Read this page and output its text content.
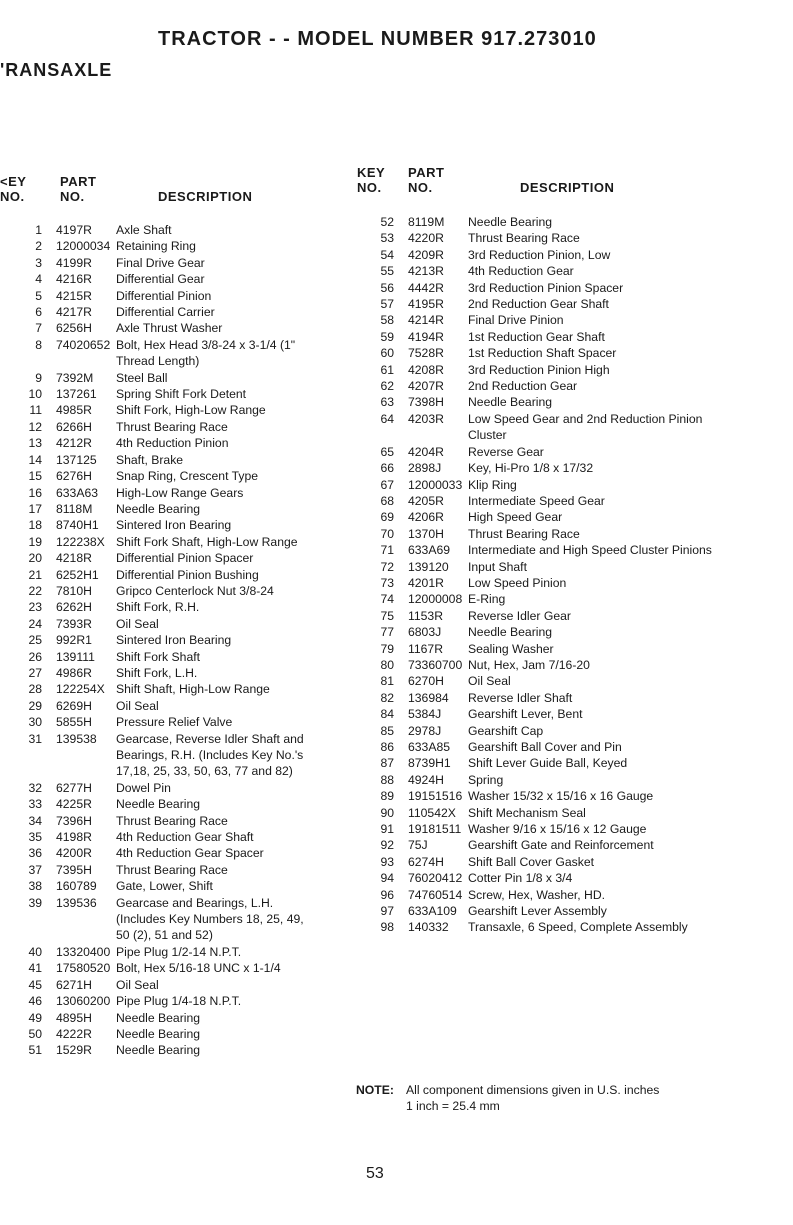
TRACTOR - - MODEL NUMBER 917.273010
'RANSAXLE
<EY
NO.
PART
NO.	DESCRIPTION
KEY
NO.
PART
NO.	DESCRIPTION
1	4197R	Axle Shaft
2	12000034 Retaining Ring
3	4199R	Final Drive Gear
4	4216R	Differential Gear
5	4215R	Differential Pinion
6	4217R	Differential Carrier
7	6256H	Axle Thrust Washer
8	74020652 Bolt, Hex Head 3/8-24 x 3-1/4 (1" Thread Length)
9	7392M	Steel Ball
10	137261	Spring Shift Fork Detent
11	4985R	Shift Fork, High-Low Range
12	6266H	Thrust Bearing Race
13	4212R	4th Reduction Pinion
14	137125	Shaft, Brake
15	6276H	Snap Ring, Crescent Type
16	633A63	High-Low Range Gears
17	8118M	Needle Bearing
18	8740H1	Sintered Iron Bearing
19	122238X Shift Fork Shaft, High-Low Range
20	4218R	Differential Pinion Spacer
21	6252H1	Differential Pinion Bushing
22	7810H	Gripco Centerlock Nut 3/8-24
23	6262H	Shift Fork, R.H.
24	7393R	Oil Seal
25	992R1	Sintered Iron Bearing
26	139111	Shift Fork Shaft
27	4986R	Shift Fork, L.H.
28	122254X Shift Shaft, High-Low Range
29	6269H	Oil Seal
30	5855H	Pressure Relief Valve
31	139538	Gearcase, Reverse Idler Shaft and Bearings, R.H. (Includes Key No.'s 17,18, 25, 33, 50, 63, 77 and 82)
32	6277H	Dowel Pin
33	4225R	Needle Bearing
34	7396H	Thrust Bearing Race
35	4198R	4th Reduction Gear Shaft
36	4200R	4th Reduction Gear Spacer
37	7395H	Thrust Bearing Race
38	160789	Gate, Lower, Shift
39	139536	Gearcase and Bearings, L.H. (Includes Key Numbers 18, 25, 49, 50 (2), 51 and 52)
40	13320400 Pipe Plug 1/2-14 N.P.T.
41	17580520 Bolt, Hex 5/16-18 UNC x 1-1/4
45	6271H	Oil Seal
46	13060200 Pipe Plug 1/4-18 N.P.T.
49	4895H	Needle Bearing
50	4222R	Needle Bearing
51	1529R	Needle Bearing
52	8119M	Needle Bearing
53	4220R	Thrust Bearing Race
54	4209R	3rd Reduction Pinion, Low
55	4213R	4th Reduction Gear
56	4442R	3rd Reduction Pinion Spacer
57	4195R	2nd Reduction Gear Shaft
58	4214R	Final Drive Pinion
59	4194R	1st Reduction Gear Shaft
60	7528R	1st Reduction Shaft Spacer
61	4208R	3rd Reduction Pinion High
62	4207R	2nd Reduction Gear
63	7398H	Needle Bearing
64	4203R	Low Speed Gear and 2nd Reduction Pinion Cluster
65	4204R	Reverse Gear
66	2898J	Key, Hi-Pro 1/8 x 17/32
67	12000033 Klip Ring
68	4205R	Intermediate Speed Gear
69	4206R	High Speed Gear
70	1370H	Thrust Bearing Race
71	633A69	Intermediate and High Speed Cluster Pinions
72	139120	Input Shaft
73	4201R	Low Speed Pinion
74	12000008 E-Ring
75	1153R	Reverse Idler Gear
77	6803J	Needle Bearing
79	1167R	Sealing Washer
80	73360700 Nut, Hex, Jam 7/16-20
81	6270H	Oil Seal
82	136984	Reverse Idler Shaft
84	5384J	Gearshift Lever, Bent
85	2978J	Gearshift Cap
86	633A85	Gearshift Ball Cover and Pin
87	8739H1	Shift Lever Guide Ball, Keyed
88	4924H	Spring
89	19151516 Washer 15/32 x 15/16 x 16 Gauge
90	110542X Shift Mechanism Seal
91	19181511 Washer 9/16 x 15/16 x 12 Gauge
92	75J	Gearshift Gate and Reinforcement
93	6274H	Shift Ball Cover Gasket
94	76020412 Cotter Pin 1/8 x 3/4
96	74760514 Screw, Hex, Washer, HD.
97	633A109 Gearshift Lever Assembly
98	140332	Transaxle, 6 Speed, Complete Assembly
NOTE: All component dimensions given in U.S. inches
1 inch = 25.4 mm
53
